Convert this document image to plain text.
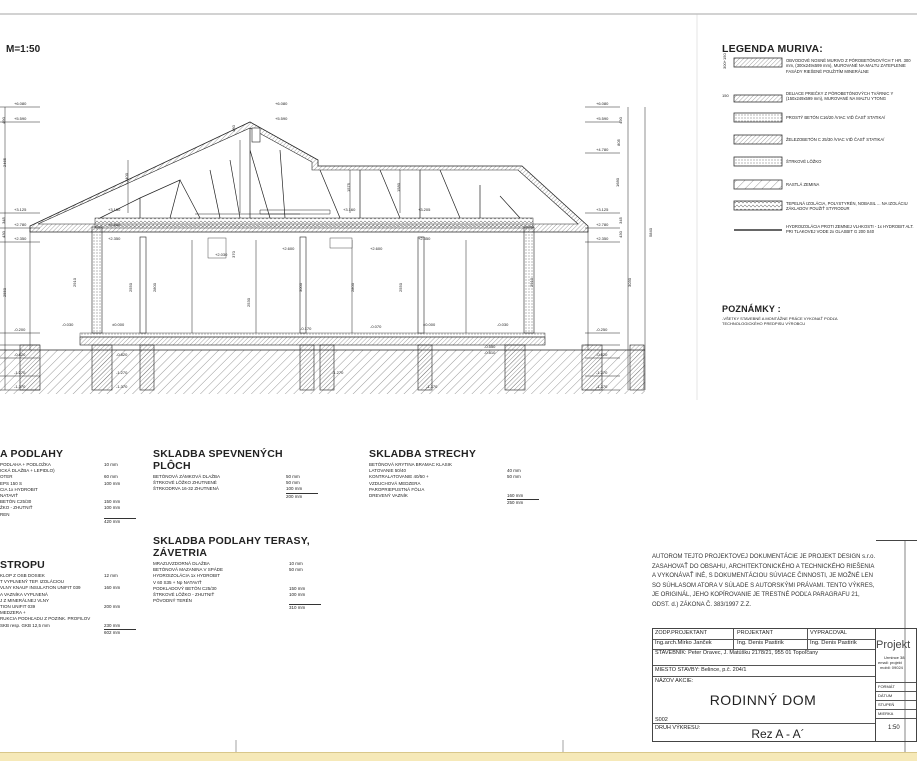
M=1:50
+6.080
+5.590
+3.125
+2.780
+2.350
-0.200
-0.820
-1.270
-1.370
+6.080
+5.590
+3.160
+2.600
+2.350
+2.030
+2.600
+3.160	+3.205
+2.350
+2.600
-0.030	±0.000
-0.170	-0.070	±0.000	-0.030
-0.550
-0.810
-0.820
-1.270
-1.370
-1.270
-1.370
+6.080
+5.590
+4.780
+3.125
+2.780
+2.350
-0.250
-0.820
-1.270
-1.370
5840
2400
1575	1580
3030
2910	2910
2550	2800
2530
3000	2800	2550
2550
2465
490
345
430
490
805
1680
345
430
480
370
LEGENDA MURIVA:
300+150	OBVODOVÉ NOSNÉ MURIVO Z PÓROBETÓNOVÝCH T HR. 300 mm, (300x249x599 mm), MUROVANÉ NA MALTU ZATEPLENIE FASÁDY RIEŠENÉ POUŽITÍM MINERÁLNE
150	DELIACE PRIEČKY Z PÓROBETÓNOVÝCH TVÁRNIC Y (150x249x599 mm), MUROVANÉ NA MALTU YTONG
PROSTÝ BETÓN C16/20 /VIAC VIĎ ČASŤ STATIKA/
ŽELEZOBETÓN C 25/30 /VIAC VIĎ ČASŤ STATIKA/
ŠTRKOVÉ LÔŽKO
RASTLÁ ZEMINA
TEPELNÁ IZOLÁCIA, POLYSTYRÉN, NOBASIL ... NA IZOLÁCIU ZÁKLADOV POUŽIŤ STYRODUR
HYDROIZOLÁCIA PROTI ZEMNEJ VLHKOSTI - 1x HYDROBIT ALT. PRI TLAKOVEJ VODE 2x GLASBIT G 200 S40
POZNÁMKY :
-VŠETKY STAVEBNÉ A MONTÁŽNE PRÁCE VYKONAŤ PODĽA TECHNOLOGICKÉHO PREDPISU VÝROBCU
A PODLAHY
PODLAHA + PODLOŽKA	10 mm
ICKÁ DLAŽBA + LEPIDLO)
OTER	60 mm
EPS 150 S	100 mm
CIA 1x HYDROBIT
NATAVIŤ
BETÓN C25/30	150 mm
ŽKO - ZHUTNIŤ	100 mm
REN
420 mm
STROPU
KLOP Z OSB DOSIEK	12 mm
T VYPLNENÝ TEP. IZOLÁCIOU
VLNY KNAUF INSULATION UNIFIT 039	160 mm
A VAZNÍKA VYPLNENÁ
J Z MINERÁLNEJ VLNY
TION UNIFIT 039	200 mm
MEDZERA +
RUKCIA PODHĽADU Z POZINK. PROFILOV
SKB resp. GKB 12,5 mm	230 mm
602 mm
SKLADBA SPEVNENÝCH PLÔCH
BETÓNOVÁ ZÁMKOVÁ DLAŽBA	50 mm
ŠTRKOVÉ LÔŽKO ZHUTNENÉ	50 mm
ŠTRKODRVA 16-32 ZHUTNENÁ	100 mm
200 mm
SKLADBA PODLAHY TERASY, ZÁVETRIA
MRAZUVZDORNÁ DLAŽBA	10 mm
BETÓNOVÁ MAZANINA V SPÁDE	50 mm
HYDROIZOLÁCIA 1x HYDROBIT
V 60 S35 + Np NATAVIŤ
PODKLADOVÝ BETÓN C25/30	150 mm
ŠTRKOVÉ LÔŽKO - ZHUTNIŤ	100 mm
PÔVODNÝ TERÉN
310 mm
SKLADBA STRECHY
BETÓNOVÁ KRYTINA BRAMAC KLASIK
LATOVANIE 50/40	40 mm
KONTRALATOVANIE 40/50 +	50 mm
VZDUCHOVÁ MEDZERA
PAROPRIEPUSTNÁ FÓLIA
DREVENÝ VAZNÍK	160 mm
250 mm
AUTOROM TEJTO PROJEKTOVEJ DOKUMENTÁCIE JE PROJEKT DESIGN s.r.o. ZASAHOVAŤ DO OBSAHU, ARCHITEKTONICKÉHO A TECHNICKÉHO RIEŠENIA A VYKONÁVAŤ INÉ, S DOKUMENTÁCIOU SÚVIACE ČINNOSTI, JE MOŽNÉ LEN SO SÚHLASOM ATORA V SÚLADE S AUTORSKÝMI PRÁVAMI. TENTO VÝKRES, JE ORIGINÁL, JEHO KOPÍROVANIE JE TRESTNÉ PODĽA PARAGRAFU 21, ODST. d.) ZÁKONA Č. 383/1997 Z.Z.
ZODP.PROJEKTANT	PROJEKTANT	VYPRACOVAL
Ing.arch.Mirko Janček	Ing. Denis Pastirik	Ing. Denis Pastirik
STAVEBNÍK: Peter Oravec, J. Matúšku 2178/21, 955 01 Topoľčany
MIESTO STAVBY: Belince, p.č. 204/1
NÁZOV AKCIE:
RODINNÝ DOM
S002
DRUH VÝKRESU:	Rez A - A´
Projekt
Urmince 38
email: projekt
mobil: 09024
FORMÁT
DÁTUM
STUPEŇ
MIERKA
1:50
